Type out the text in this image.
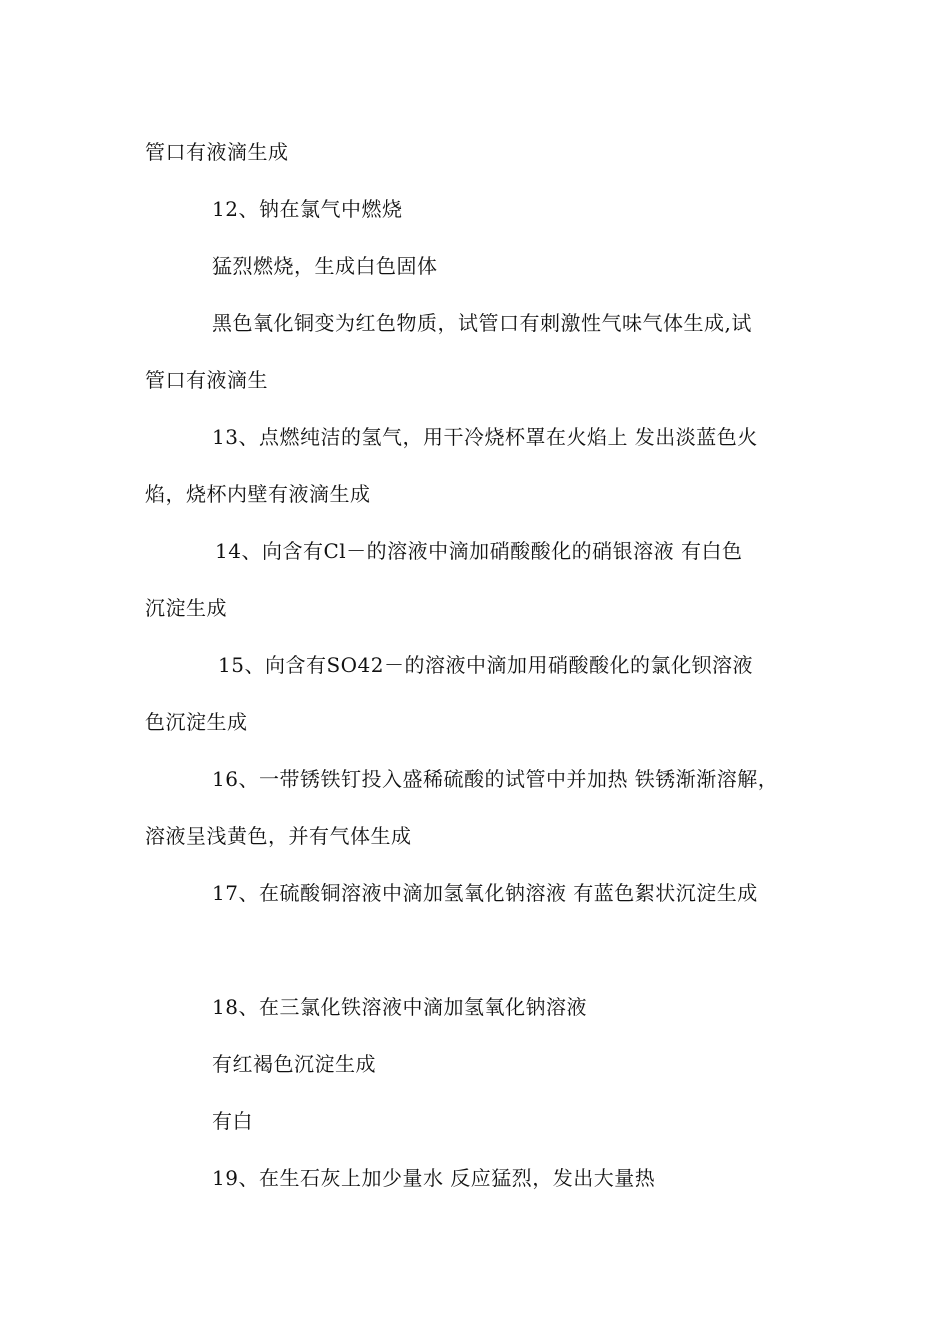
管口有液滴生成
12、钠在氯气中燃烧
猛烈燃烧，生成白色固体
黑色氧化铜变为红色物质，试管口有刺激性气味气体生成,试
管口有液滴生
13、点燃纯洁的氢气，用干冷烧杯罩在火焰上 发出淡蓝色火
焰，烧杯内壁有液滴生成
14、向含有Cl－的溶液中滴加硝酸酸化的硝银溶液 有白色
沉淀生成
15、向含有SO42－的溶液中滴加用硝酸酸化的氯化钡溶液
色沉淀生成
16、一带锈铁钉投入盛稀硫酸的试管中并加热 铁锈渐渐溶解，
溶液呈浅黄色，并有气体生成
17、在硫酸铜溶液中滴加氢氧化钠溶液 有蓝色絮状沉淀生成
18、在三氯化铁溶液中滴加氢氧化钠溶液
有红褐色沉淀生成
有白
19、在生石灰上加少量水 反应猛烈，发出大量热
